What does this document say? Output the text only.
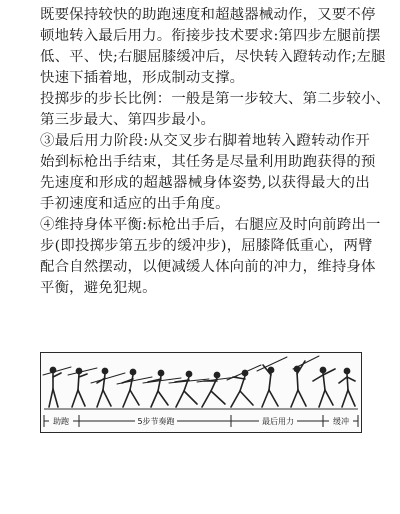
既要保持较快的助跑速度和超越器械动作，又要不停
顿地转入最后用力。衔接步技术要求:第四步左腿前摆
低、平、快;右腿屈膝缓冲后，尽快转入蹬转动作;左腿
快速下插着地，形成制动支撑。
投掷步的步长比例：一般是第一步较大、第二步较小、
第三步最大、第四步最小。
③最后用力阶段:从交叉步右脚着地转入蹬转动作开
始到标枪出手结束，其任务是尽量利用助跑获得的预
先速度和形成的超越器械身体姿势,以获得最大的出
手初速度和适应的出手角度。
④维持身体平衡:标枪出手后，右腿应及时向前跨出一
步(即投掷步第五步的缓冲步)，屈膝降低重心，两臂
配合自然摆动，以便减缓人体向前的冲力，维持身体
平衡，避免犯规。
助跑	5步节奏跑	最后用力	缓冲
